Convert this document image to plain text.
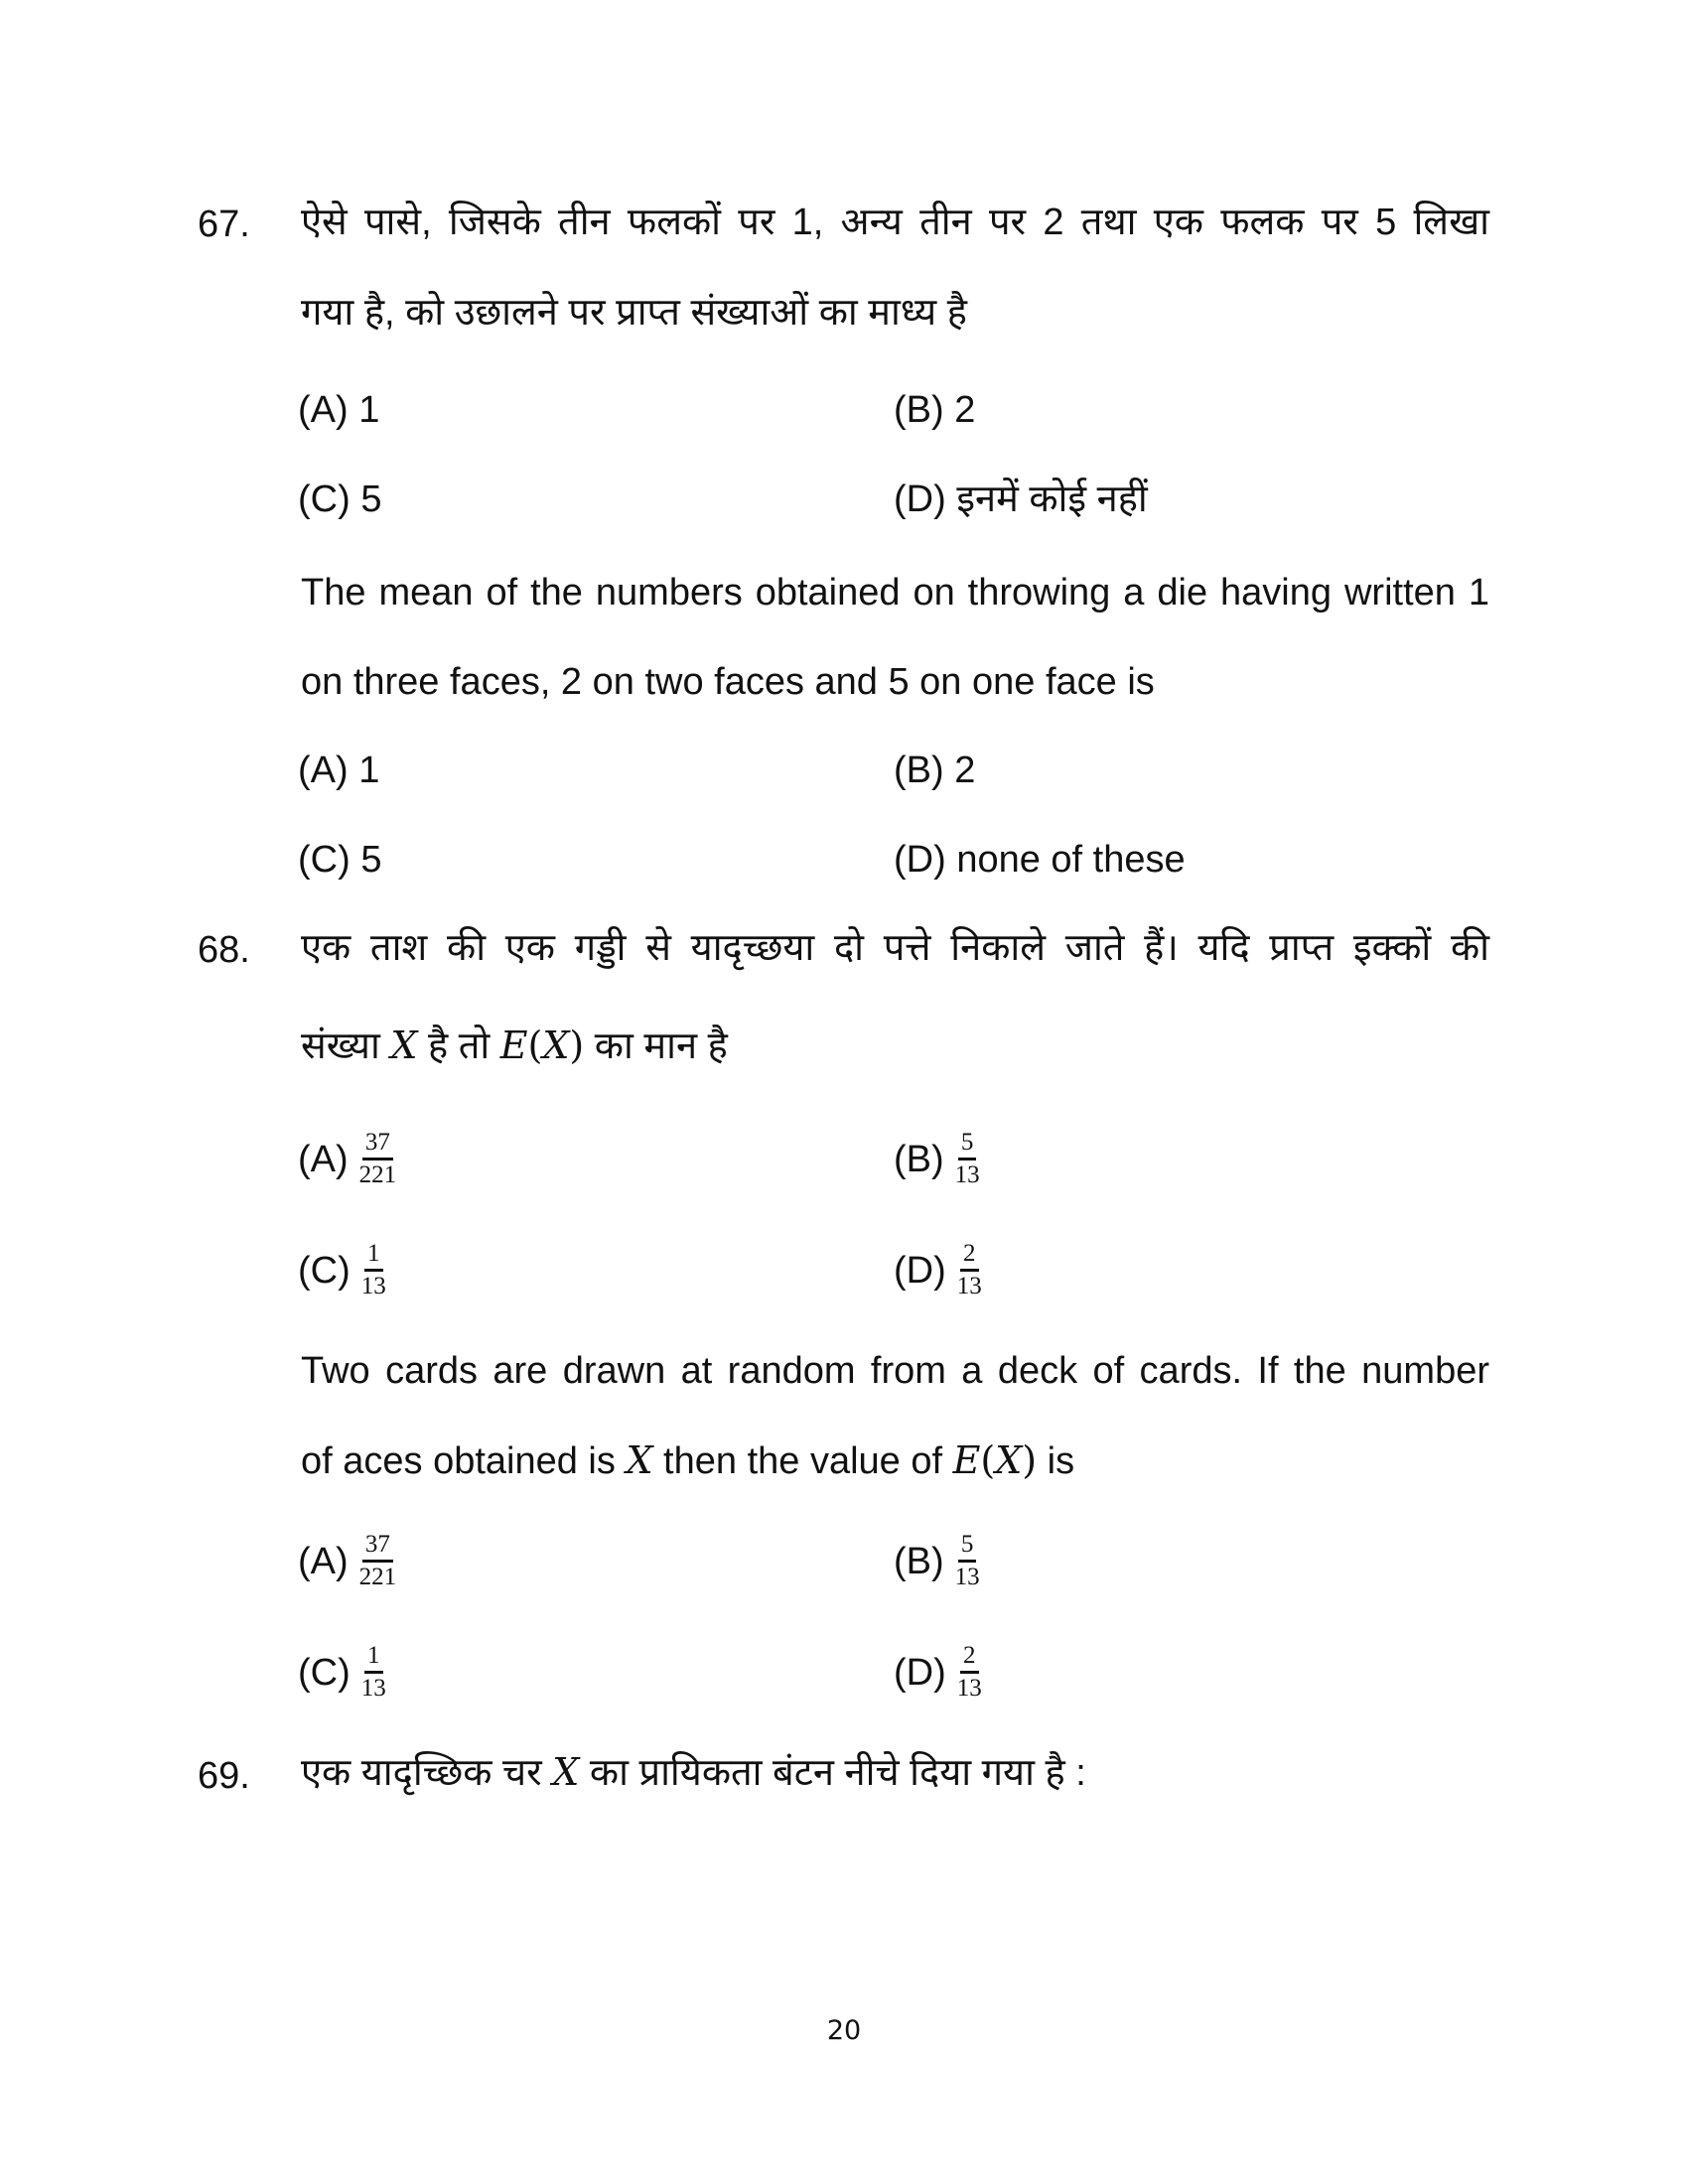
67. ऐसे पासे, जिसके तीन फलकों पर 1, अन्य तीन पर 2 तथा एक फलक पर 5 लिखा
गया है, को उछालने पर प्राप्त संख्याओं का माध्य है
(A)
1	(B)
2
(C)
5	(D)
इनमें कोई नहीं
The mean of the numbers obtained on throwing a die having written 1
on three faces, 2 on two faces and 5 on one face is
(A)
1	(B)
2
(C)
5	(D)
none of these
68. एक ताश की एक गड्डी से यादृच्छया दो पत्ते निकाले जाते हैं। यदि प्राप्त इक्कों की
संख्या X है तो E(X) का मान है
$(A) \frac{37}{221}$	$(B) \frac{5}{13}$
$(C) \frac{1}{13}$	$(D) \frac{2}{13}$
Two cards are drawn at random from a deck of cards. If the number
of aces obtained is X then the value of E(X) is
$(A) \frac{37}{221}$	$(B) \frac{5}{13}$
$(C) \frac{1}{13}$	$(D) \frac{2}{13}$
69. एक यादृच्छिक चर X का प्रायिकता बंटन नीचे दिया गया है :
20
